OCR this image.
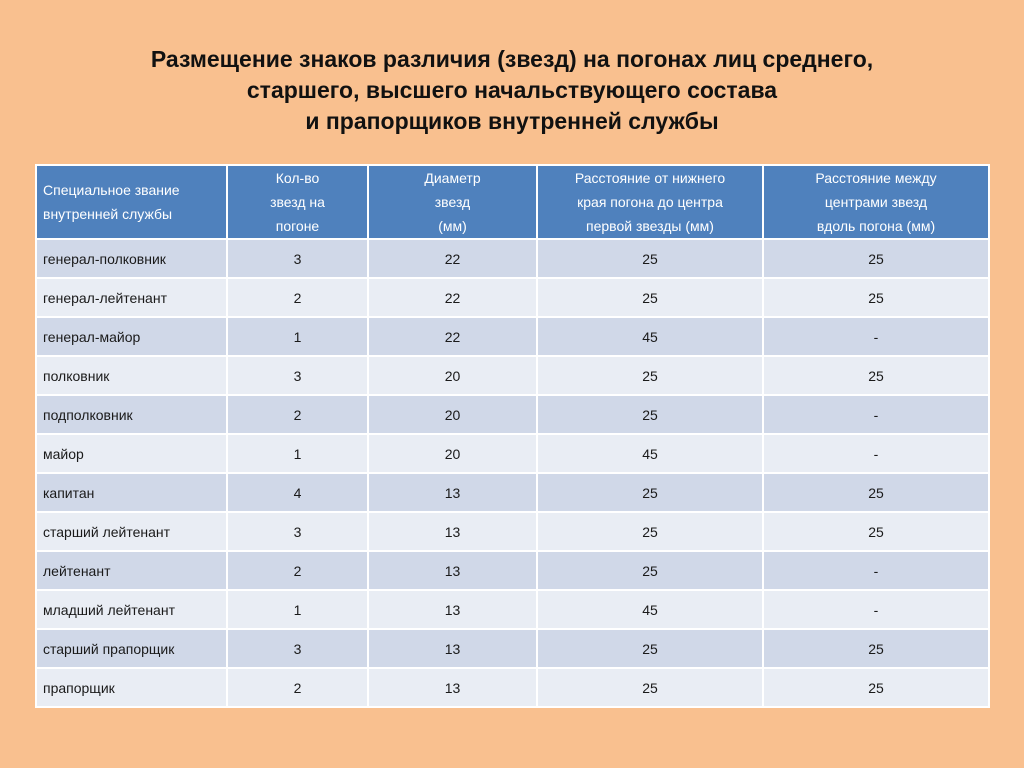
Размещение знаков различия (звезд) на погонах лиц среднего,
старшего, высшего начальствующего состава
и прапорщиков внутренней службы
Специальное звание
внутренней службы	Кол-во
звезд на
погоне	Диаметр
звезд
(мм)	Расстояние от нижнего
края погона до центра
первой звезды (мм)	Расстояние между
центрами звезд
вдоль погона (мм)

генерал-полковник	3	22	25	25
генерал-лейтенант	2	22	25	25
генерал-майор	1	22	45	-
полковник	3	20	25	25
подполковник	2	20	25	-
майор	1	20	45	-
капитан	4	13	25	25
старший лейтенант	3	13	25	25
лейтенант	2	13	25	-
младший лейтенант	1	13	45	-
старший прапорщик	3	13	25	25
прапорщик	2	13	25	25
